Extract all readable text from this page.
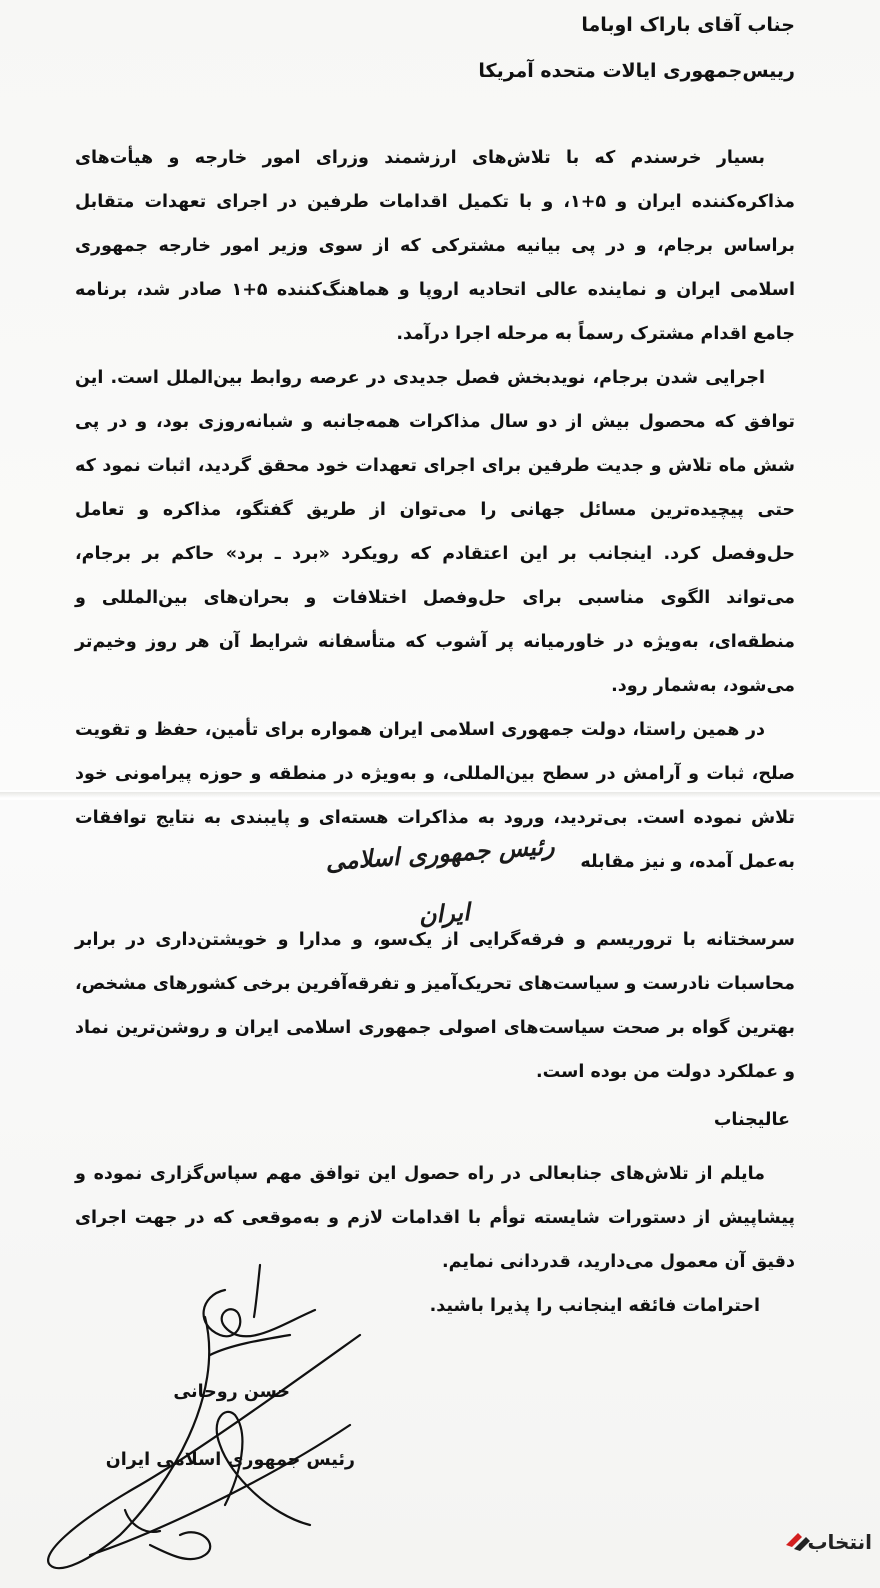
جناب آقای باراک اوباما
رییس‌جمهوری ایالات متحده آمریکا

بسیار خرسندم که با تلاش‌های ارزشمند وزرای امور خارجه و هیأت‌های مذاکره‌کننده ایران و ۵+۱، و با تکمیل اقدامات طرفین در اجرای تعهدات متقابل براساس برجام، و در پی بیانیه مشترکی که از سوی وزیر امور خارجه جمهوری اسلامی ایران و نماینده عالی اتحادیه اروپا و هماهنگ‌کننده ۵+۱ صادر شد، برنامه جامع اقدام مشترک رسماً به مرحله اجرا درآمد.

اجرایی شدن برجام، نویدبخش فصل جدیدی در عرصه روابط بین‌الملل است. این توافق که محصول بیش از دو سال مذاکرات همه‌جانبه و شبانه‌روزی بود، و در پی شش ماه تلاش و جدیت طرفین برای اجرای تعهدات خود محقق گردید، اثبات نمود که حتی پیچیده‌ترین مسائل جهانی را می‌توان از طریق گفتگو، مذاکره و تعامل حل‌وفصل کرد. اینجانب بر این اعتقادم که رویکرد «برد ـ برد» حاکم بر برجام، می‌تواند الگوی مناسبی برای حل‌وفصل اختلافات و بحران‌های بین‌المللی و منطقه‌ای، به‌ویژه در خاورمیانه پر آشوب که متأسفانه شرایط آن هر روز وخیم‌تر می‌شود، به‌شمار رود.

در همین راستا، دولت جمهوری اسلامی ایران همواره برای تأمین، حفظ و تقویت صلح، ثبات و آرامش در سطح بین‌المللی، و به‌ویژه در منطقه و حوزه پیرامونی خود تلاش نموده است. بی‌تردید، ورود به مذاکرات هسته‌ای و پایبندی به نتایج توافقات به‌عمل آمده، و نیز مقابله

رئیس جمهوری اسلامی ایران

سرسختانه با تروریسم و فرقه‌گرایی از یک‌سو، و مدارا و خویشتن‌داری در برابر محاسبات نادرست و سیاست‌های تحریک‌آمیز و تفرقه‌آفرین برخی کشورهای مشخص، بهترین گواه بر صحت سیاست‌های اصولی جمهوری اسلامی ایران و روشن‌ترین نماد و عملکرد دولت من بوده است.

عالیجناب

مایلم از تلاش‌های جنابعالی در راه حصول این توافق مهم سپاس‌گزاری نموده و پیشاپیش از دستورات شایسته توأم با اقدامات لازم و به‌موقعی که در جهت اجرای دقیق آن معمول می‌دارید، قدردانی نمایم.

احترامات فائقه اینجانب را پذیرا باشید.
حسن روحانی
رئیس جمهوری اسلامی ایران
انتخاب
